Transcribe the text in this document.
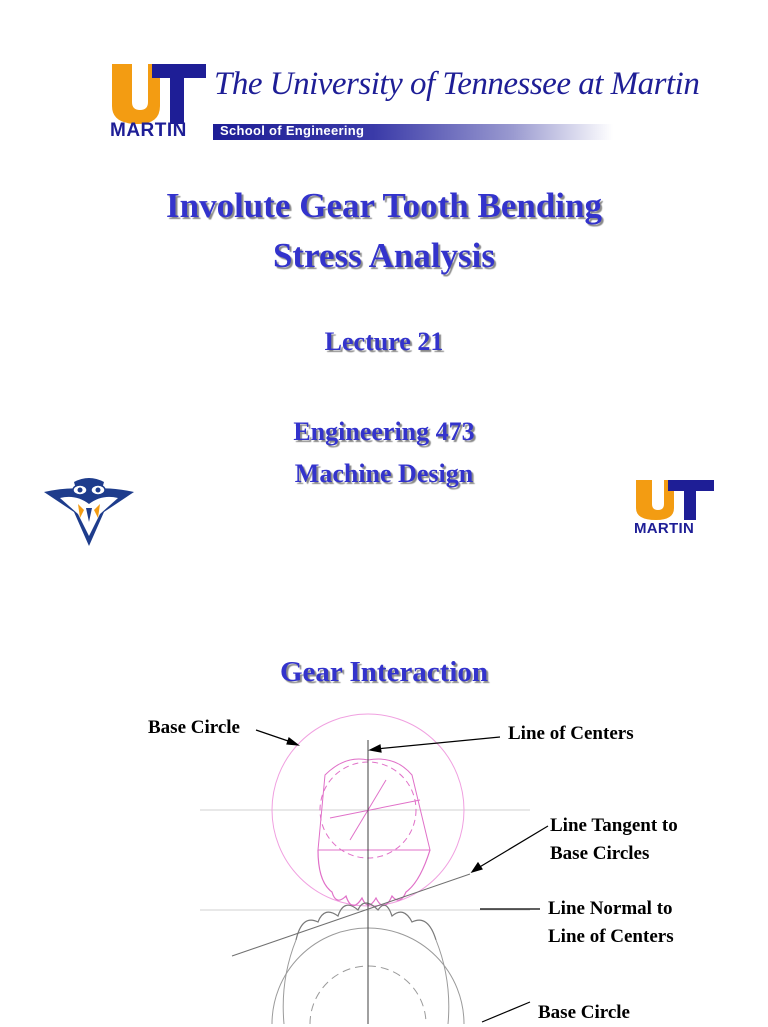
The University of Tennessee at Martin
MARTIN	School of Engineering
Involute Gear Tooth Bending
Stress Analysis
Lecture 21
Engineering 473
Machine Design
MARTIN
Gear Interaction
Base Circle	Line of Centers
Line Tangent to
Base Circles
Line Normal to
Line of Centers
Base Circle
